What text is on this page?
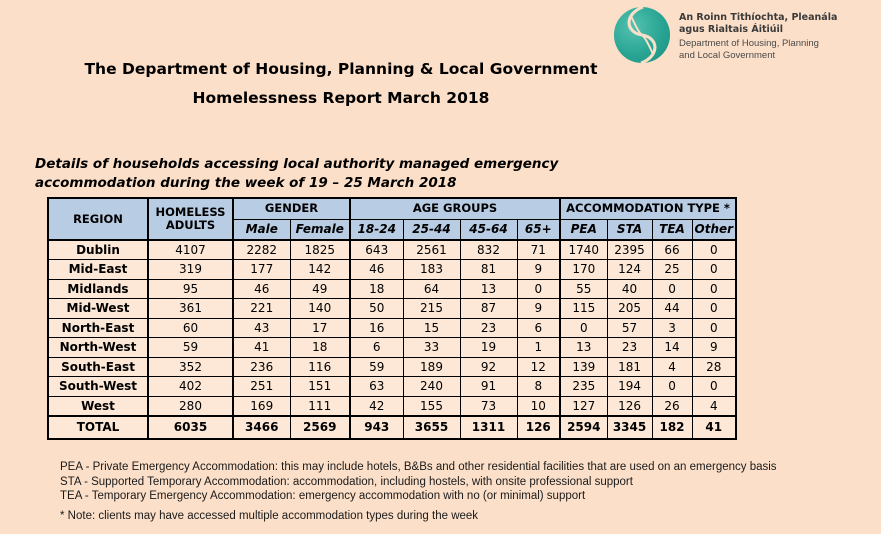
An Roinn Tithíochta, Pleanála
agus Rialtais Áitiúil
Department of Housing, Planning
and Local Government
The Department of Housing, Planning & Local Government
Homelessness Report March 2018
Details of households accessing local authority managed emergency
accommodation during the week of 19 – 25 March 2018
REGION	HOMELESS ADULTS	GENDER		AGE GROUPS				ACCOMMODATION TYPE *			
		Male	Female	18-24	25-44	45-64	65+	PEA	STA	TEA	Other
Dublin	4107	2282	1825	643	2561	832	71	1740	2395	66	0
Mid-East	319	177	142	46	183	81	9	170	124	25	0
Midlands	95	46	49	18	64	13	0	55	40	0	0
Mid-West	361	221	140	50	215	87	9	115	205	44	0
North-East	60	43	17	16	15	23	6	0	57	3	0
North-West	59	41	18	6	33	19	1	13	23	14	9
South-East	352	236	116	59	189	92	12	139	181	4	28
South-West	402	251	151	63	240	91	8	235	194	0	0
West	280	169	111	42	155	73	10	127	126	26	4
TOTAL	6035	3466	2569	943	3655	1311	126	2594	3345	182	41
PEA - Private Emergency Accommodation: this may include hotels, B&Bs and other residential facilities that are used on an emergency basis
STA - Supported Temporary Accommodation: accommodation, including hostels, with onsite professional support
TEA - Temporary Emergency Accommodation: emergency accommodation with no (or minimal) support
* Note: clients may have accessed multiple accommodation types during the week
